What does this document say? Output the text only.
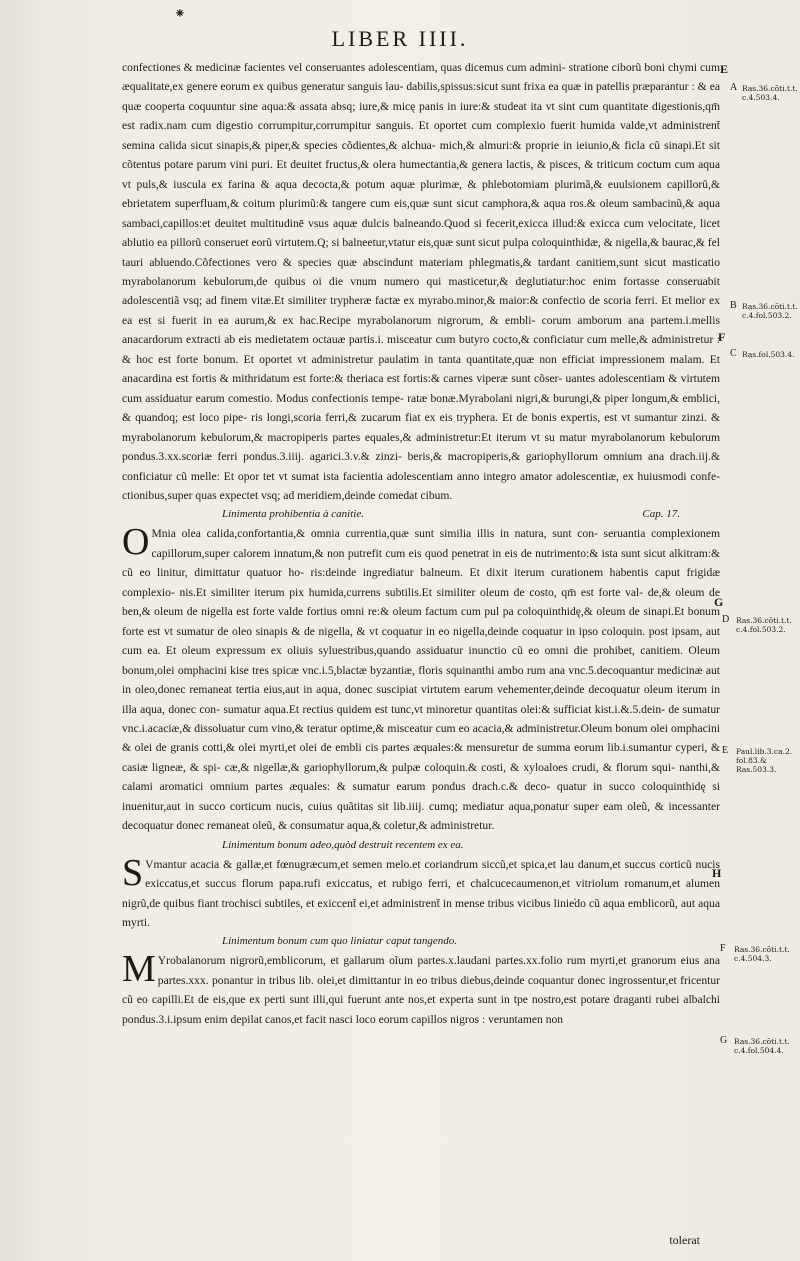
⁕
LIBER IIII.

confectiones & medicinæ facientes vel conseruantes adolescentiam, quas dicemus cum admini- stratione ciborũ boni chymi cum æqualitate,ex genere eorum ex quibus generatur sanguis lau- dabilis,spissus:sicut sunt frixa ea quæ in patellis præparantur : & ea quæ cooperta coquuntur sine aqua:& assata absq; iure,& micę panis in iure:& studeat ita vt sint cum quantitate digestionis,qm̄ est radix.nam cum digestio corrumpitur,corrumpitur sanguis. Et oportet cum complexio fuerit humida valde,vt administrent̄ semina calida sicut sinapis,& piper,& species cõdientes,& alchua- mich,& almuri:& proprie in ieiunio,& ficla cũ sinapi.Et sit cõtentus potare parum vini puri. Et deuitet fructus,& olera humectantia,& genera lactis, & pisces, & triticum coctum cum aqua vt puls,& iuscula ex farina & aqua decocta,& potum aquæ plurimæ, & phlebotomiam plurimã,& euulsionem capillorũ,& ebrietatem superfluam,& coitum plurimũ:& tangere cum eis,quæ sunt sicut camphora,& aqua ros.& oleum sambacinũ,& aqua sambaci,capillos:et deuitet multitudinē vsus aquæ dulcis balneando.Quod si fecerit,exicca illud:& exicca cum velocitate, licet ablutio ea pillorũ conseruet eorũ virtutem.Q; si balneetur,vtatur eis,quæ sunt sicut pulpa coloquinthidæ, & nigella,& baurac,& fel tauri abluendo.Cõfectiones vero & species quæ abscindunt materiam phlegmatis,& tardant canitiem,sunt sicut masticatio myrabolanorum kebulorum,de quibus oi die vnum numero qui masticetur,& deglutiatur:hoc enim fortasse conseruabit adolescentiã vsq; ad finem vitæ.Et similiter trypheræ factæ ex myrabo.minor,& maior:& confectio de scoria ferri. Et melior ex ea est si fuerit in ea aurum,& ex hac.Recipe myrabolanorum nigrorum, & embli- corum amborum ana partem.i.mellis anacardorum extracti ab eis medietatem octauæ partis.i. misceatur cum butyro cocto,& conficiatur cum melle,& administretur : & hoc est forte bonum. Et oportet vt administretur paulatim in tanta quantitate,quæ non efficiat impressionem malam. Et anacardina est fortis & mithridatum est forte:& theriaca est fortis:& carnes viperæ sunt cõser- uantes adolescentiam & virtutem cum assiduatur earum comestio. Modus confectionis tempe- ratæ bonæ.Myrabolani nigri,& burungi,& piper longum,& emblici, & quandoq; est loco pipe- ris longi,scoria ferri,& zucarum fiat ex eis tryphera. Et de bonis expertis, est vt sumantur zinzi. & myrabolanorum kebulorum,& macropiperis partes equales,& administretur:Et iterum vt su matur myrabolanorum kebulorum pondus.3.xx.scoriæ ferri pondus.3.iiij. agarici.3.v.& zinzi- beris,& macropiperis,& gariophyllorum omnium ana drach.iij.& conficiatur cũ melle: Et opor tet vt sumat ista facientia adolescentiam anno integro amator adolescentiæ, ex huiusmodi confe- ctionibus,super quas expectet vsq; ad meridiem,deinde comedat cibum.

Linimenta prohibentia à canitie.	Cap. 17.

O Mnia olea calida,confortantia,& omnia currentia,quæ sunt similia illis in natura, sunt con- seruantia complexionem capillorum,super calorem innatum,& non putrefit cum eis quod penetrat in eis de nutrimento:& ista sunt sicut alkitram:& cũ eo linitur, dimittatur quatuor ho- ris:deinde ingrediatur balneum. Et dixit iterum curationem habentis caput frigidæ complexio- nis.Et similiter iterum pix humida,currens subtilis.Et similiter oleum de costo, qm̄ est forte val- de,& oleum de ben,& oleum de nigella est forte valde fortius omni re:& oleum factum cum pul pa coloquinthidę,& oleum de sinapi.Et bonum forte est vt sumatur de oleo sinapis & de nigella, & vt coquatur in eo nigella,deinde coquatur in ipso coloquin. post ipsam, aut cum ea. Et oleum expressum ex oliuis syluestribus,quando assiduatur inunctio cũ eo omni die prohibet, canitiem. Oleum bonum,olei omphacini kise tres spicæ vnc.i.5,blactæ byzantiæ, floris squinanthi ambo rum ana vnc.5.decoquantur medicinæ aut in oleo,donec remaneat tertia eius,aut in aqua, donec suscipiat virtutem earum vehementer,deinde decoquatur oleum iterum in illa aqua, donec con- sumatur aqua.Et rectius quidem est tunc,vt minoretur quantitas olei:& sufficiat kist.i.&.5.dein- de sumatur vnc.i.acaciæ,& dissoluatur cum vino,& teratur optime,& misceatur cum eo acacia,& administretur.Oleum bonum olei omphacini & olei de granis cotti,& olei myrti,et olei de embli cis partes æquales:& mensuretur de summa eorum lib.i.sumantur cyperi, & casiæ ligneæ, & spi- cæ,& nigellæ,& gariophyllorum,& pulpæ coloquin.& costi, & xyloaloes crudi, & florum squi- nanthi,& calami aromatici omnium partes æquales: & sumatur earum pondus drach.c.& deco- quatur in succo coloquinthidę si inuenitur,aut in succo corticum nucis, cuius quãtitas sit lib.iiij. cumq; mediatur aqua,ponatur super eam oleũ, & incessanter decoquatur donec remaneat oleũ, & consumatur aqua,& coletur,& administretur.

Linimentum bonum adeo,quòd destruit recentem ex ea.

S Vmantur acacia & gallæ,et fœnugræcum,et semen melo.et coriandrum siccũ,et spica,et lau danum,et succus corticũ nucis exiccatus,et succus florum papa.rufi exiccatus, et rubigo ferri, et chalcucecaumenon,et vitriolum romanum,et alumen nigrũ,de quibus fiant trochisci subtiles, et exiccent̄ ei,et administrent̄ in mense tribus vicibus linie̕do cũ aqua emblicorũ, aut aqua myrti.

Linimentum bonum cum quo liniatur caput tangendo.

M Yrobalanorum nigrorũ,emblicorum, et gallarum oĩum partes.x.laudani partes.xx.folio rum myrti,et granorum eius ana partes.xxx. ponantur in tribus lib. olei,et dimittantur in eo tribus diebus,deinde coquantur donec ingrossentur,et fricentur cũ eo capilli.Et de eis,que ex perti sunt illi,qui fuerunt ante nos,et experta sunt in tpe nostro,est potare draganti rubei albalchi pondus.3.i.ipsum enim depilat canos,et facit nasci loco eorum capillos nigros : veruntamen non

E
A Ras.36.cõti.t.t. c.4.503.4.
B Ras.36.cõti.t.t. c.4.fol.503.2.
F
C Ras.fol.503.4.
G
D Ras.36.cõti.t.t. c.4.fol.503.2.
E Paul.lib.3.ca.2. fol.83.& Ras.503.3.
H
F Ras.36.cõti.t.t. c.4.504.3.
G Ras.36.cõti.t.t. c.4.fol.504.4.
tolerat
